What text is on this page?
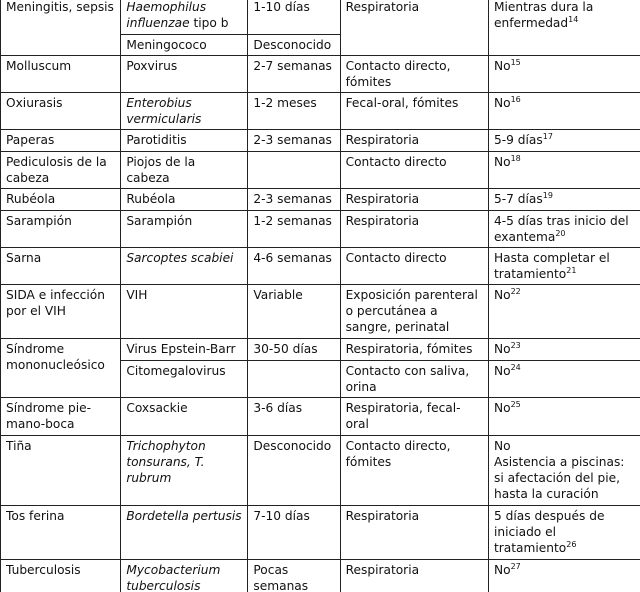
Meningitis, sepsis	Haemophilus influenzae tipo b	1-10 días	Respiratoria	Mientras dura la enfermedad$^{14}$
	Meningococo	Desconocido		
Molluscum	Poxvirus	2-7 semanas	Contacto directo, fómites	No$^{15}$
Oxiurasis	Enterobius vermicularis	1-2 meses	Fecal-oral, fómites	No$^{16}$
Paperas	Parotiditis	2-3 semanas	Respiratoria	5-9 días$^{17}$
Pediculosis de la cabeza	Piojos de la cabeza		Contacto directo	No$^{18}$
Rubéola	Rubéola	2-3 semanas	Respiratoria	5-7 días$^{19}$
Sarampión	Sarampión	1-2 semanas	Respiratoria	4-5 días tras inicio del exantema$^{20}$
Sarna	Sarcoptes scabiei	4-6 semanas	Contacto directo	Hasta completar el tratamiento$^{21}$
SIDA e infección por el VIH	VIH	Variable	Exposición parenteral o percutánea a sangre, perinatal	No$^{22}$
Síndrome mononucleósico	Virus Epstein-Barr	30-50 días	Respiratoria, fómites	No$^{23}$
	Citomegalovirus		Contacto con saliva, orina	No$^{24}$
Síndrome pie-mano-boca	Coxsackie	3-6 días	Respiratoria, fecal-oral	No$^{25}$
Tiña	Trichophyton tonsurans, T. rubrum	Desconocido	Contacto directo, fómites	No
Asistencia a piscinas: si afectación del pie, hasta la curación

Tos ferina	Bordetella pertusis	7-10 días	Respiratoria	5 días después de iniciado el tratamiento$^{26}$
Tuberculosis	Mycobacterium tuberculosis	Pocas semanas	Respiratoria	No$^{27}$
